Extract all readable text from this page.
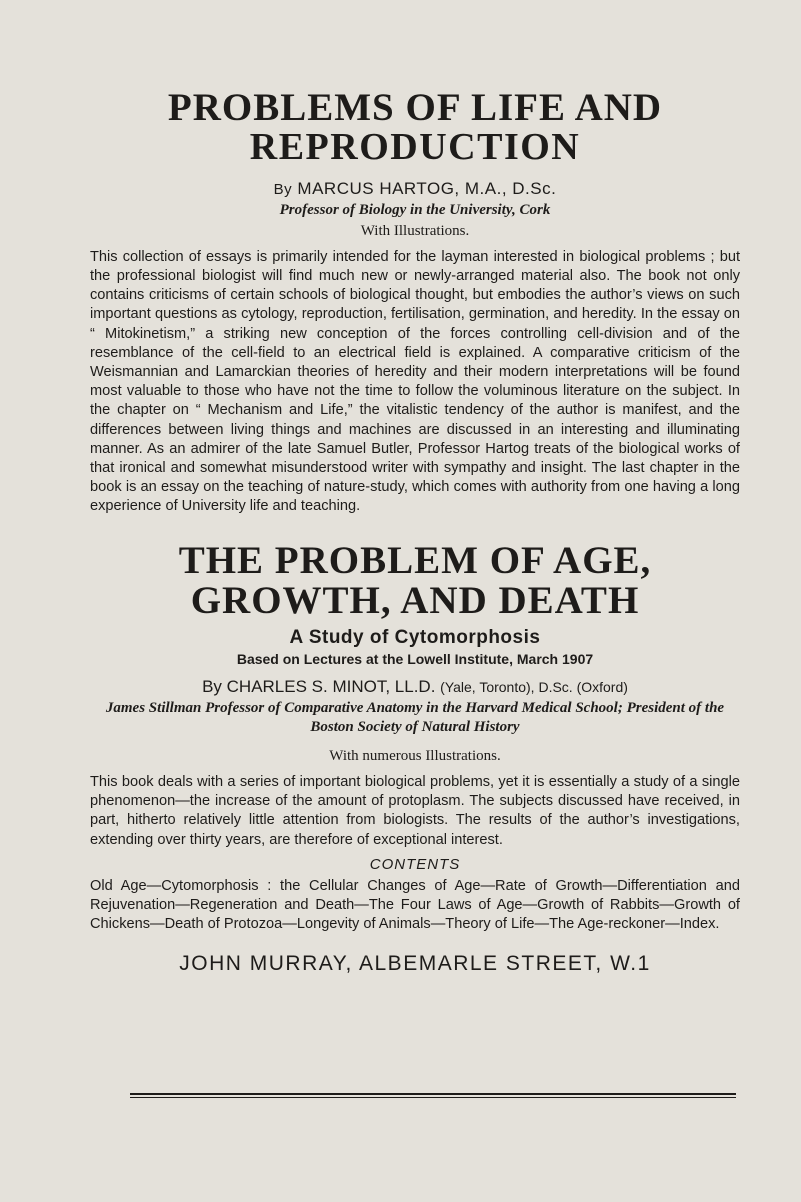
PROBLEMS OF LIFE AND
REPRODUCTION

By MARCUS HARTOG, M.A., D.Sc.

Professor of Biology in the University, Cork

With Illustrations.

This collection of essays is primarily intended for the layman interested in biological problems ; but the professional biologist will find much new or newly-arranged material also. The book not only contains criticisms of certain schools of biological thought, but embodies the author’s views on such important questions as cytology, reproduction, fertilisation, germination, and heredity. In the essay on “ Mitokinetism,” a striking new conception of the forces controlling cell-division and of the resemblance of the cell-field to an electrical field is explained. A comparative criticism of the Weismannian and Lamarckian theories of heredity and their modern interpretations will be found most valuable to those who have not the time to follow the voluminous literature on the subject. In the chapter on “ Mechanism and Life,” the vitalistic tendency of the author is manifest, and the differences between living things and machines are discussed in an interesting and illuminating manner. As an admirer of the late Samuel Butler, Professor Hartog treats of the biological works of that ironical and somewhat misunderstood writer with sympathy and insight. The last chapter in the book is an essay on the teaching of nature-study, which comes with authority from one having a long experience of University life and teaching.

THE PROBLEM OF AGE,
GROWTH, AND DEATH

A Study of Cytomorphosis

Based on Lectures at the Lowell Institute, March 1907

By CHARLES S. MINOT, LL.D. (Yale, Toronto), D.Sc. (Oxford)

James Stillman Professor of Comparative Anatomy in the Harvard Medical School; President of the Boston Society of Natural History

With numerous Illustrations.

This book deals with a series of important biological problems, yet it is essentially a study of a single phenomenon—the increase of the amount of protoplasm. The subjects discussed have received, in part, hitherto relatively little attention from biologists. The results of the author’s investigations, extending over thirty years, are therefore of exceptional interest.

CONTENTS

Old Age—Cytomorphosis : the Cellular Changes of Age—Rate of Growth—Differentiation and Rejuvenation—Regeneration and Death—The Four Laws of Age—Growth of Rabbits—Growth of Chickens—Death of Protozoa—Longevity of Animals—Theory of Life—The Age-reckoner—Index.

JOHN MURRAY, ALBEMARLE STREET, W.1
